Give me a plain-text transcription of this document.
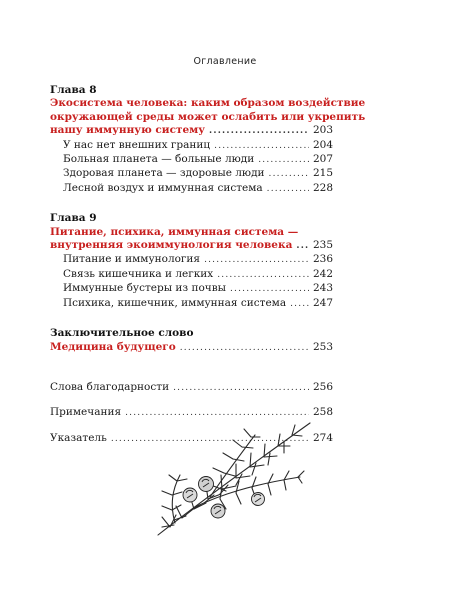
Оглавление
Глава 8
Экосистема человека: каким образом воздействие
окружающей среды может ослабить или укрепить
нашу иммунную систему .....	203
У нас нет внешних границ .....	204
Больная планета — больные люди .....	207
Здоровая планета — здоровые люди .....	215
Лесной воздух и иммунная система .....	228
Глава 9
Питание, психика, иммунная система —
внутренняя экоиммунология человека ..... 235
Питание и иммунология .....	236
Связь кишечника и легких .....	242
Иммунные бустеры из почвы .....	243
Психика, кишечник, иммунная система .....	247
Заключительное слово
Медицина будущего .....	253
Слова благодарности .....	256
Примечания .....	258
Указатель .....	274
